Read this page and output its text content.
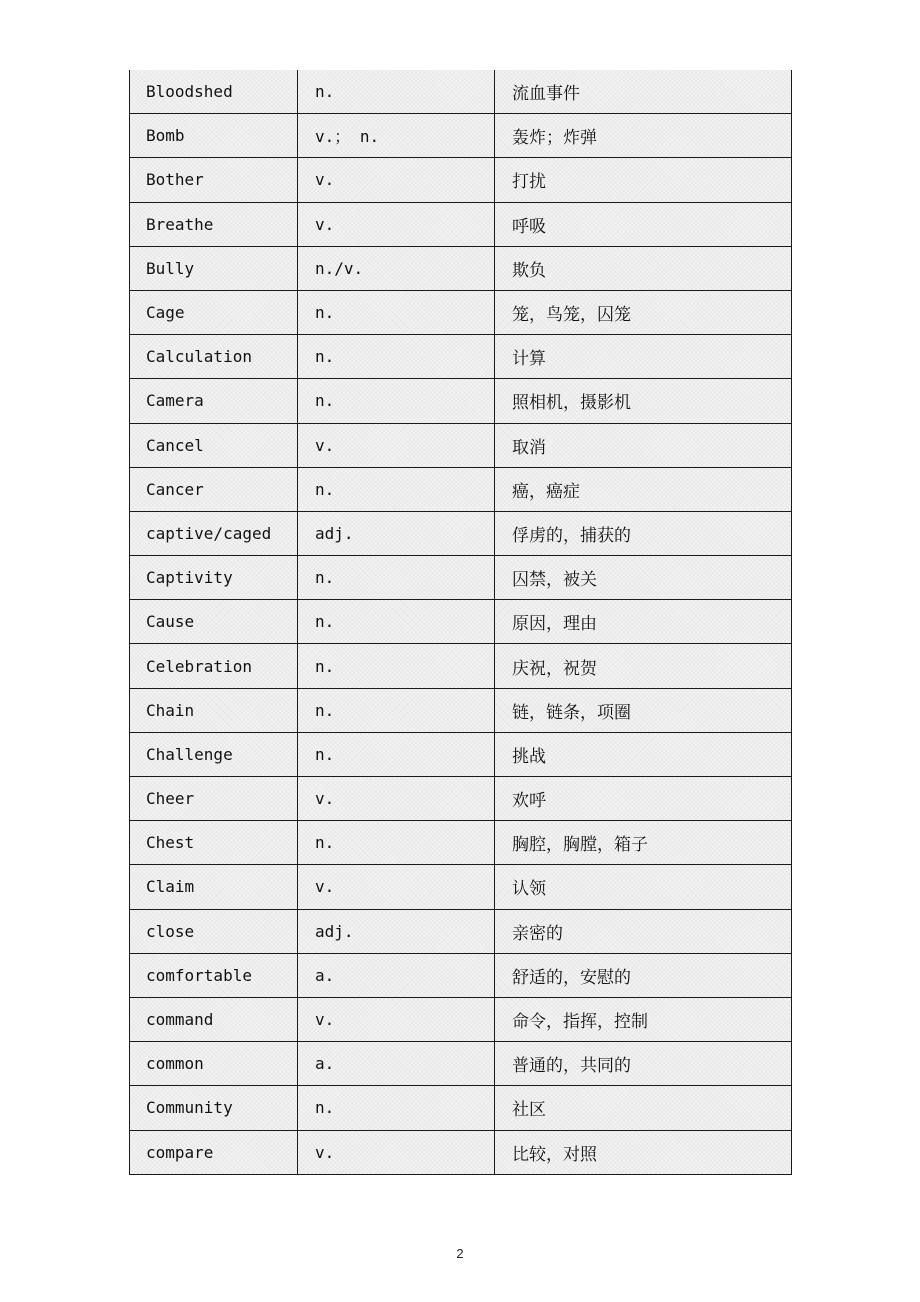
Bloodshed	n.	流血事件
Bomb	v.； n.	轰炸；炸弹
Bother	v.	打扰
Breathe	v.	呼吸
Bully	n./v.	欺负
Cage	n.	笼，鸟笼，囚笼
Calculation	n.	计算
Camera	n.	照相机，摄影机
Cancel	v.	取消
Cancer	n.	癌，癌症
captive/caged	adj.	俘虏的，捕获的
Captivity	n.	囚禁，被关
Cause	n.	原因，理由
Celebration	n.	庆祝，祝贺
Chain	n.	链，链条，项圈
Challenge	n.	挑战
Cheer	v.	欢呼
Chest	n.	胸腔，胸膛，箱子
Claim	v.	认领
close	adj.	亲密的
comfortable	a.	舒适的，安慰的
command	v.	命令，指挥，控制
common	a.	普通的，共同的
Community	n.	社区
compare	v.	比较，对照
2
